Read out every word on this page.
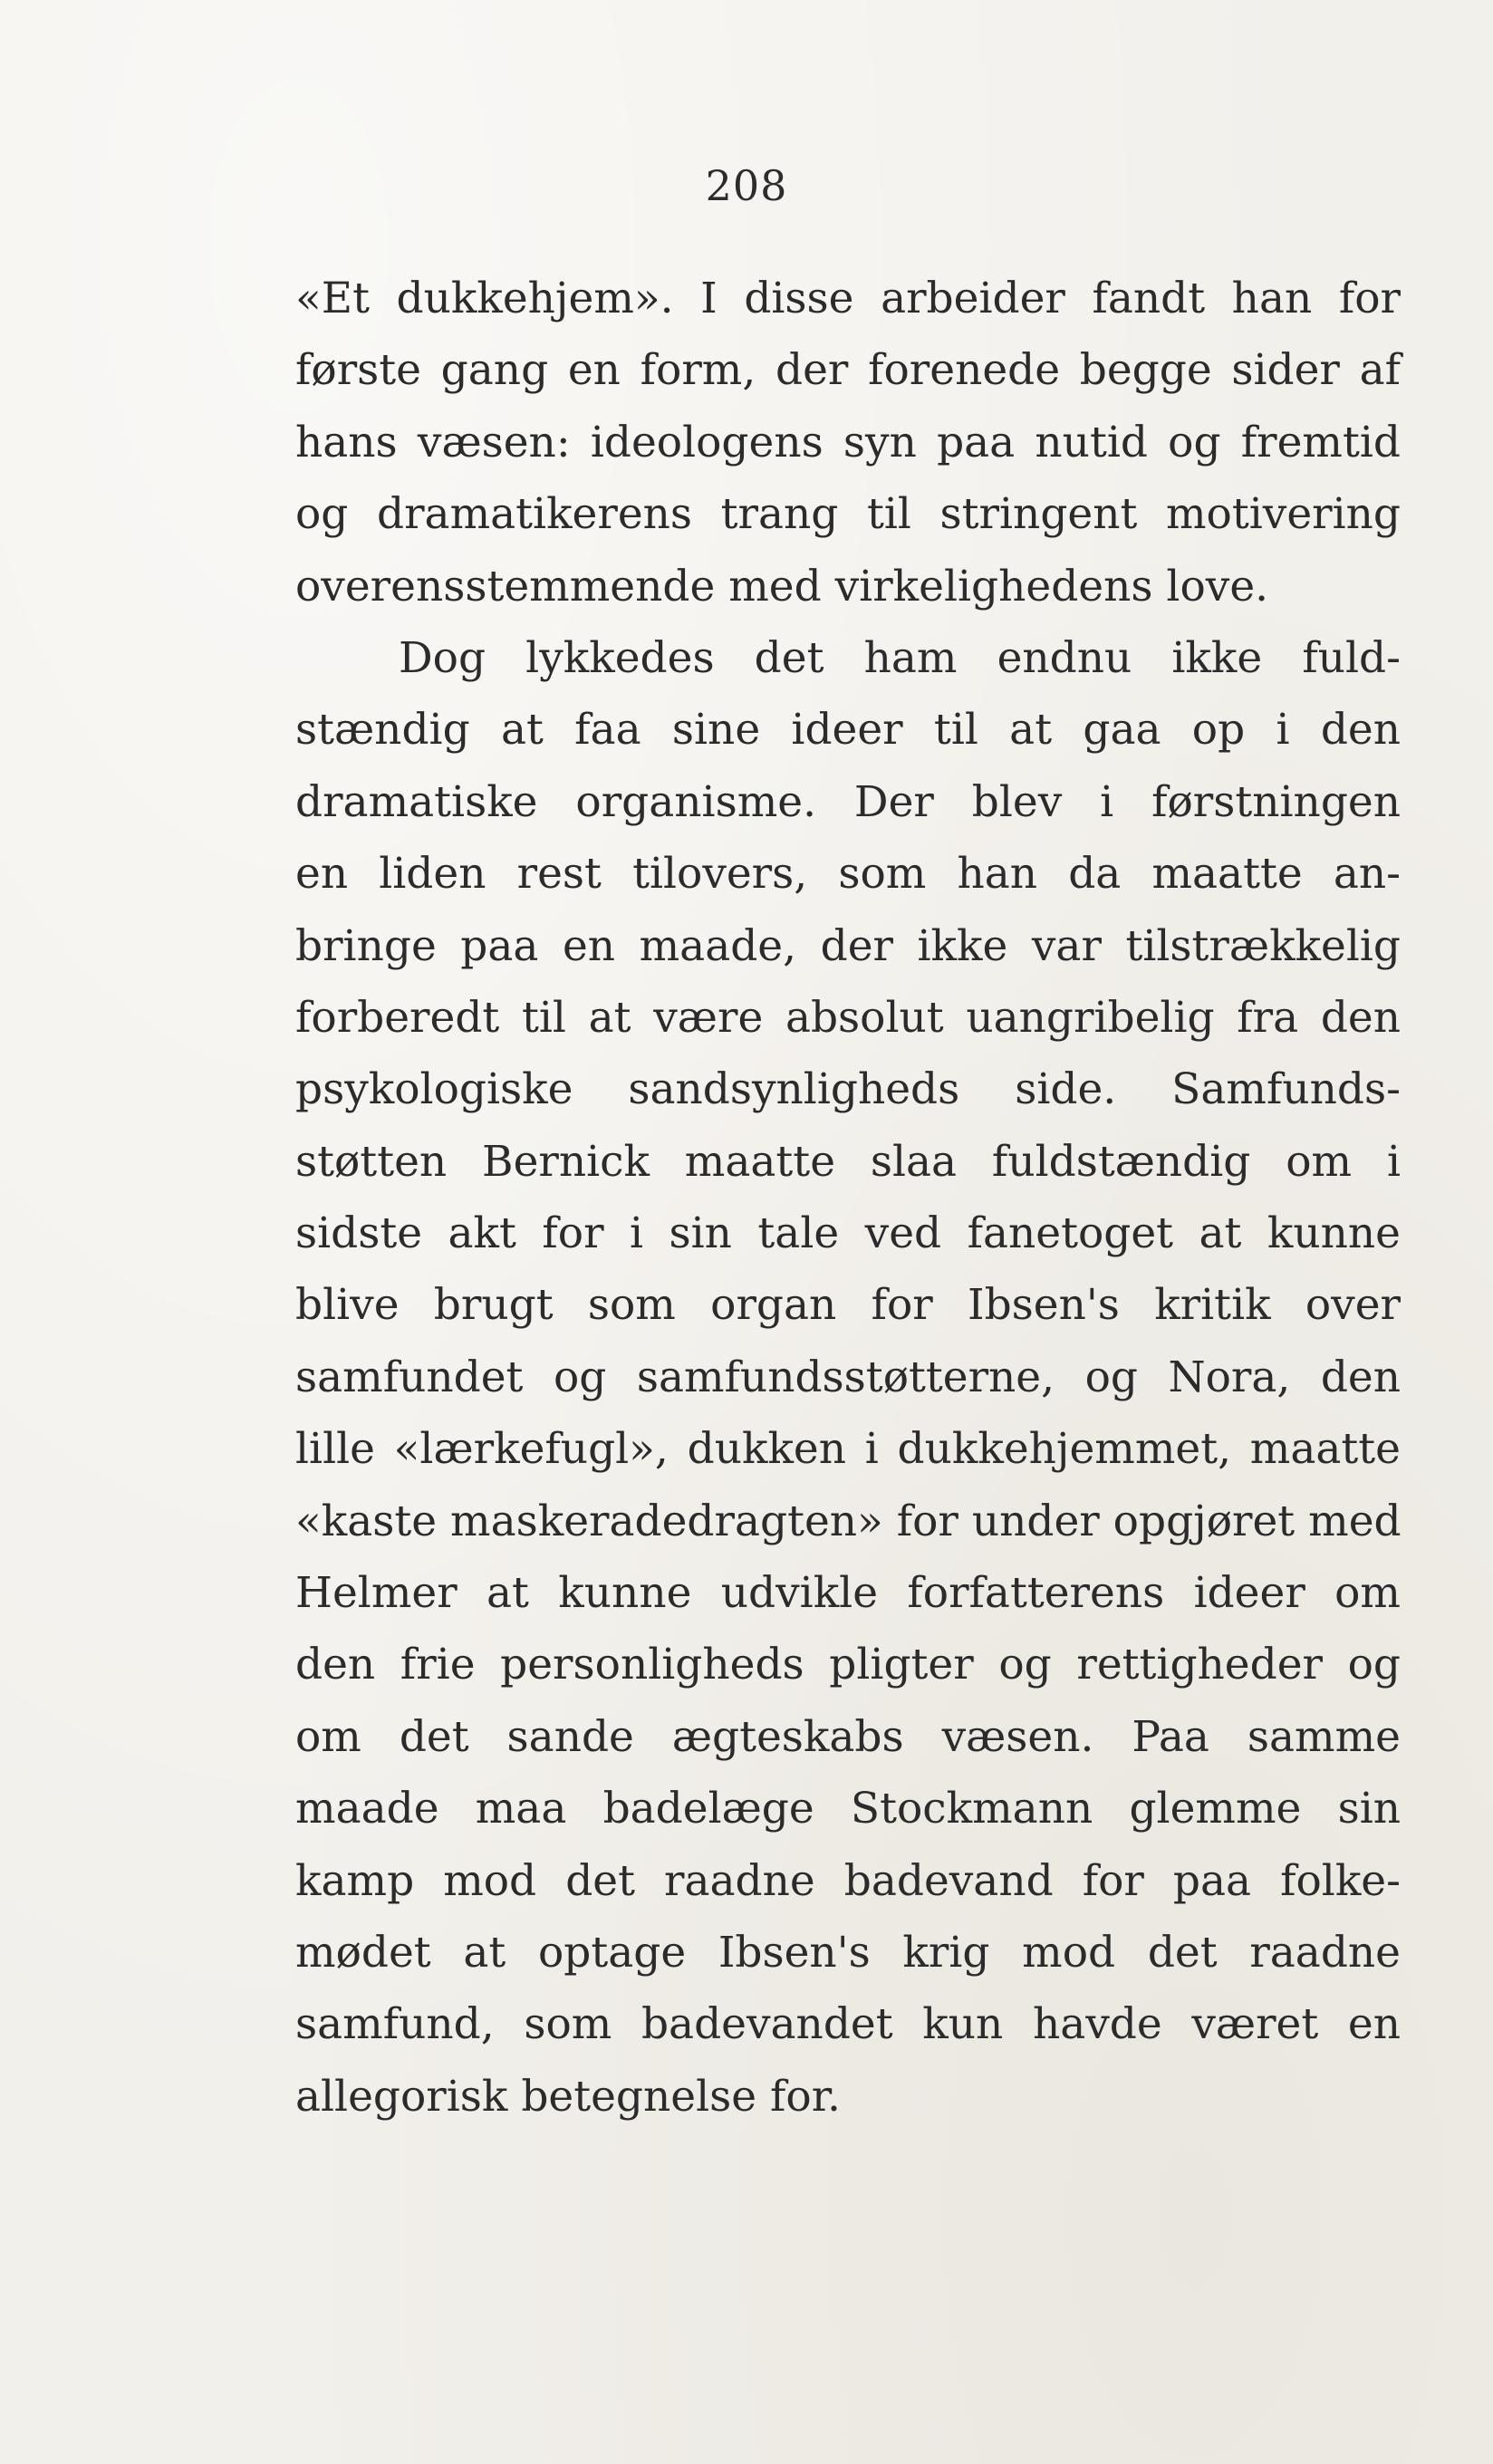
208
«Et dukkehjem». I disse arbeider fandt han for
første gang en form, der forenede begge sider af
hans væsen: ideologens syn paa nutid og fremtid
og dramatikerens trang til stringent motivering
overensstemmende med virkelighedens love.
Dog lykkedes det ham endnu ikke fuld-
stændig at faa sine ideer til at gaa op i den
dramatiske organisme. Der blev i førstningen
en liden rest tilovers, som han da maatte an-
bringe paa en maade, der ikke var tilstrækkelig
forberedt til at være absolut uangribelig fra den
psykologiske sandsynligheds side. Samfunds-
støtten Bernick maatte slaa fuldstændig om i
sidste akt for i sin tale ved fanetoget at kunne
blive brugt som organ for Ibsen's kritik over
samfundet og samfundsstøtterne, og Nora, den
lille «lærkefugl», dukken i dukkehjemmet, maatte
«kaste maskeradedragten» for under opgjøret med
Helmer at kunne udvikle forfatterens ideer om
den frie personligheds pligter og rettigheder og
om det sande ægteskabs væsen. Paa samme
maade maa badelæge Stockmann glemme sin
kamp mod det raadne badevand for paa folke-
mødet at optage Ibsen's krig mod det raadne
samfund, som badevandet kun havde været en
allegorisk betegnelse for.
